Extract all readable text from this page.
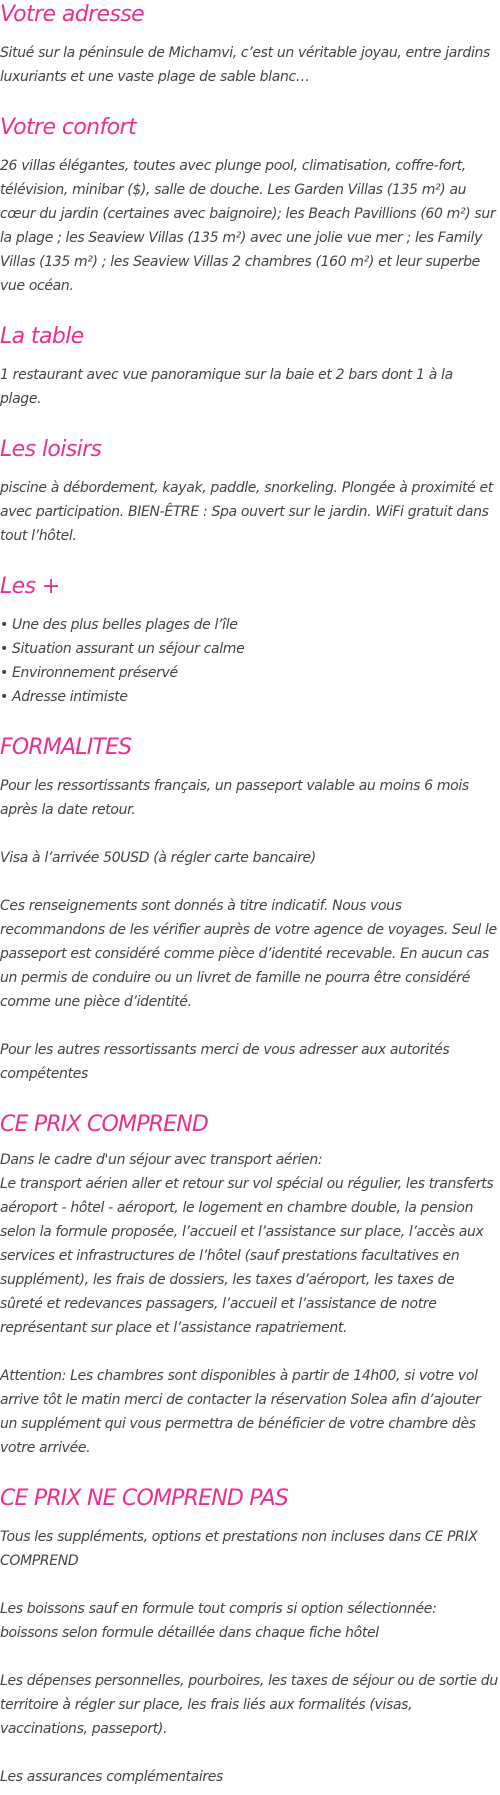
Votre adresse

Situé sur la péninsule de Michamvi, c’est un véritable joyau, entre jardins luxuriants et une vaste plage de sable blanc…

Votre confort

26 villas élégantes, toutes avec plunge pool, climatisation, coffre-fort, télévision, minibar ($), salle de douche. Les Garden Villas (135 m²) au cœur du jardin (certaines avec baignoire); les Beach Pavillions (60 m²) sur la plage ; les Seaview Villas (135 m²) avec une jolie vue mer ; les Family Villas (135 m²) ; les Seaview Villas 2 chambres (160 m²) et leur superbe vue océan.

La table

1 restaurant avec vue panoramique sur la baie et 2 bars dont 1 à la plage.

Les loisirs

piscine à débordement, kayak, paddle, snorkeling. Plongée à proximité et avec participation. BIEN-ÊTRE : Spa ouvert sur le jardin. WiFi gratuit dans tout l’hôtel.

Les +
• Une des plus belles plages de l’île
• Situation assurant un séjour calme
• Environnement préservé
• Adresse intimiste
FORMALITES

Pour les ressortissants français, un passeport valable au moins 6 mois après la date retour.

Visa à l’arrivée 50USD (à régler carte bancaire)

Ces renseignements sont donnés à titre indicatif. Nous vous recommandons de les vérifier auprès de votre agence de voyages. Seul le passeport est considéré comme pièce d’identité recevable. En aucun cas un permis de conduire ou un livret de famille ne pourra être considéré comme une pièce d’identité.

Pour les autres ressortissants merci de vous adresser aux autorités compétentes

CE PRIX COMPREND

Dans le cadre d'un séjour avec transport aérien:

Le transport aérien aller et retour sur vol spécial ou régulier, les transferts aéroport - hôtel - aéroport, le logement en chambre double, la pension selon la formule proposée, l’accueil et l’assistance sur place, l’accès aux services et infrastructures de l’hôtel (sauf prestations facultatives en supplément), les frais de dossiers, les taxes d’aéroport, les taxes de sûreté et redevances passagers, l’accueil et l’assistance de notre représentant sur place et l’assistance rapatriement.

Attention: Les chambres sont disponibles à partir de 14h00, si votre vol arrive tôt le matin merci de contacter la réservation Solea afin d’ajouter un supplément qui vous permettra de bénéficier de votre chambre dès votre arrivée.

CE PRIX NE COMPREND PAS

Tous les suppléments, options et prestations non incluses dans CE PRIX COMPREND

Les boissons sauf en formule tout compris si option sélectionnée: boissons selon formule détaillée dans chaque fiche hôtel

Les dépenses personnelles, pourboires, les taxes de séjour ou de sortie du territoire à régler sur place, les frais liés aux formalités (visas, vaccinations, passeport).

Les assurances complémentaires
